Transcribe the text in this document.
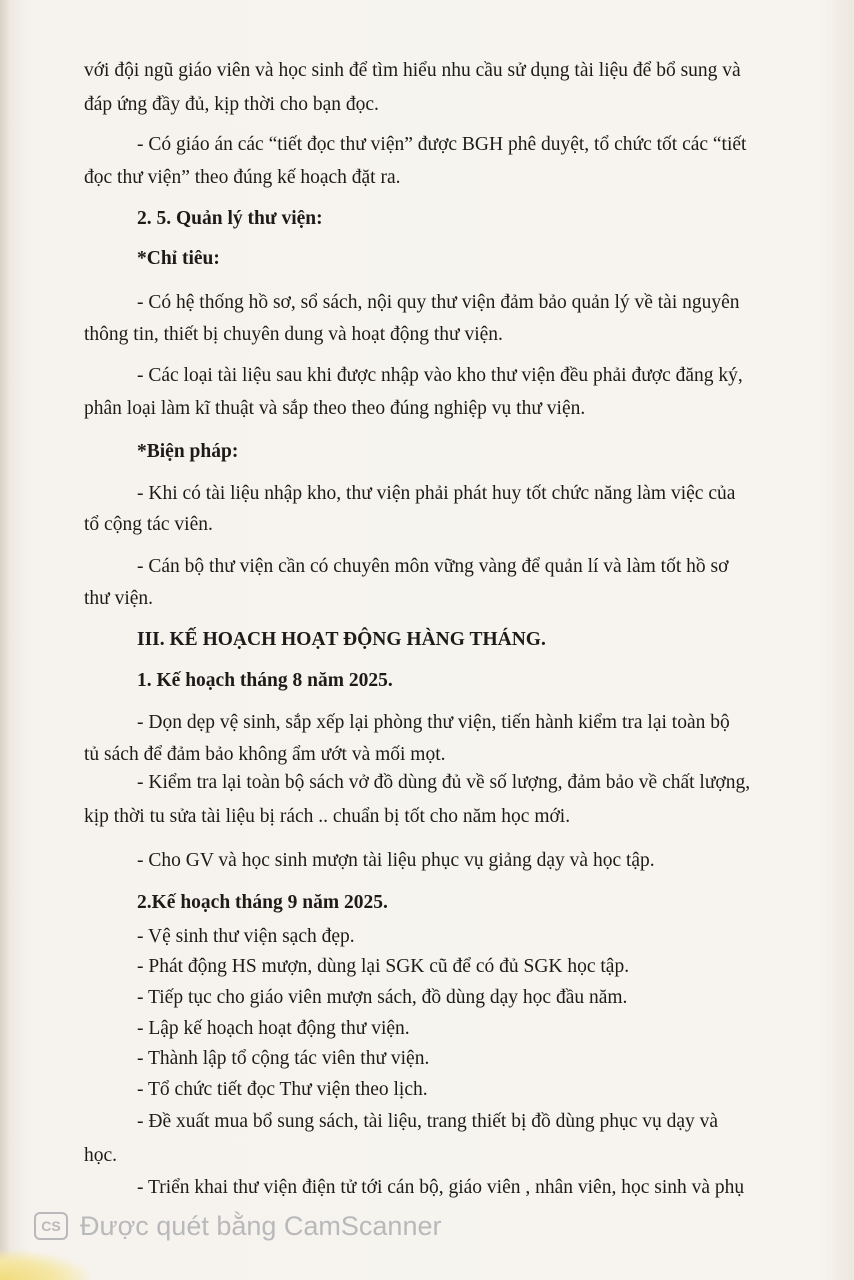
với đội ngũ giáo viên và học sinh để tìm hiểu nhu cầu sử dụng tài liệu để bổ sung và
đáp ứng đầy đủ, kịp thời cho bạn đọc.
- Có giáo án các “tiết đọc thư viện” được BGH phê duyệt, tổ chức tốt các “tiết
đọc thư viện” theo đúng kế hoạch đặt ra.
2. 5. Quản lý thư viện:
*Chỉ tiêu:
- Có hệ thống hồ sơ, sổ sách, nội quy thư viện đảm bảo quản lý về tài nguyên
thông tin, thiết bị chuyên dung và hoạt động thư viện.
- Các loại tài liệu sau khi được nhập vào kho thư viện đều phải được đăng ký,
phân loại làm kĩ thuật và sắp theo theo đúng nghiệp vụ thư viện.
*Biện pháp:
- Khi có tài liệu nhập kho, thư viện phải phát huy tốt chức năng làm việc của
tổ cộng tác viên.
- Cán bộ thư viện cần có chuyên môn vững vàng để quản lí và làm tốt hồ sơ
thư viện.
III. KẾ HOẠCH HOẠT ĐỘNG HÀNG THÁNG.
1. Kế hoạch tháng 8 năm 2025.
- Dọn dẹp vệ sinh, sắp xếp lại phòng thư viện, tiến hành kiểm tra lại toàn bộ
tủ sách để đảm bảo không ẩm ướt và mối mọt.
- Kiểm tra lại toàn bộ sách vở đồ dùng đủ về số lượng, đảm bảo về chất lượng,
kịp thời tu sửa tài liệu bị rách .. chuẩn bị tốt cho năm học mới.
- Cho GV và học sinh mượn tài liệu phục vụ giảng dạy và học tập.
2.Kế hoạch tháng 9 năm 2025.
- Vệ sinh thư viện sạch đẹp.
- Phát động HS mượn, dùng lại SGK cũ để có đủ SGK học tập.
- Tiếp tục cho giáo viên mượn sách, đồ dùng dạy học đầu năm.
- Lập kế hoạch hoạt động thư viện.
- Thành lập tổ cộng tác viên thư viện.
- Tổ chức tiết đọc Thư viện theo lịch.
- Đề xuất mua bổ sung sách, tài liệu, trang thiết bị đồ dùng phục vụ dạy và
học.
- Triển khai thư viện điện tử tới cán bộ, giáo viên , nhân viên, học sinh và phụ
CS Được quét bằng CamScanner
